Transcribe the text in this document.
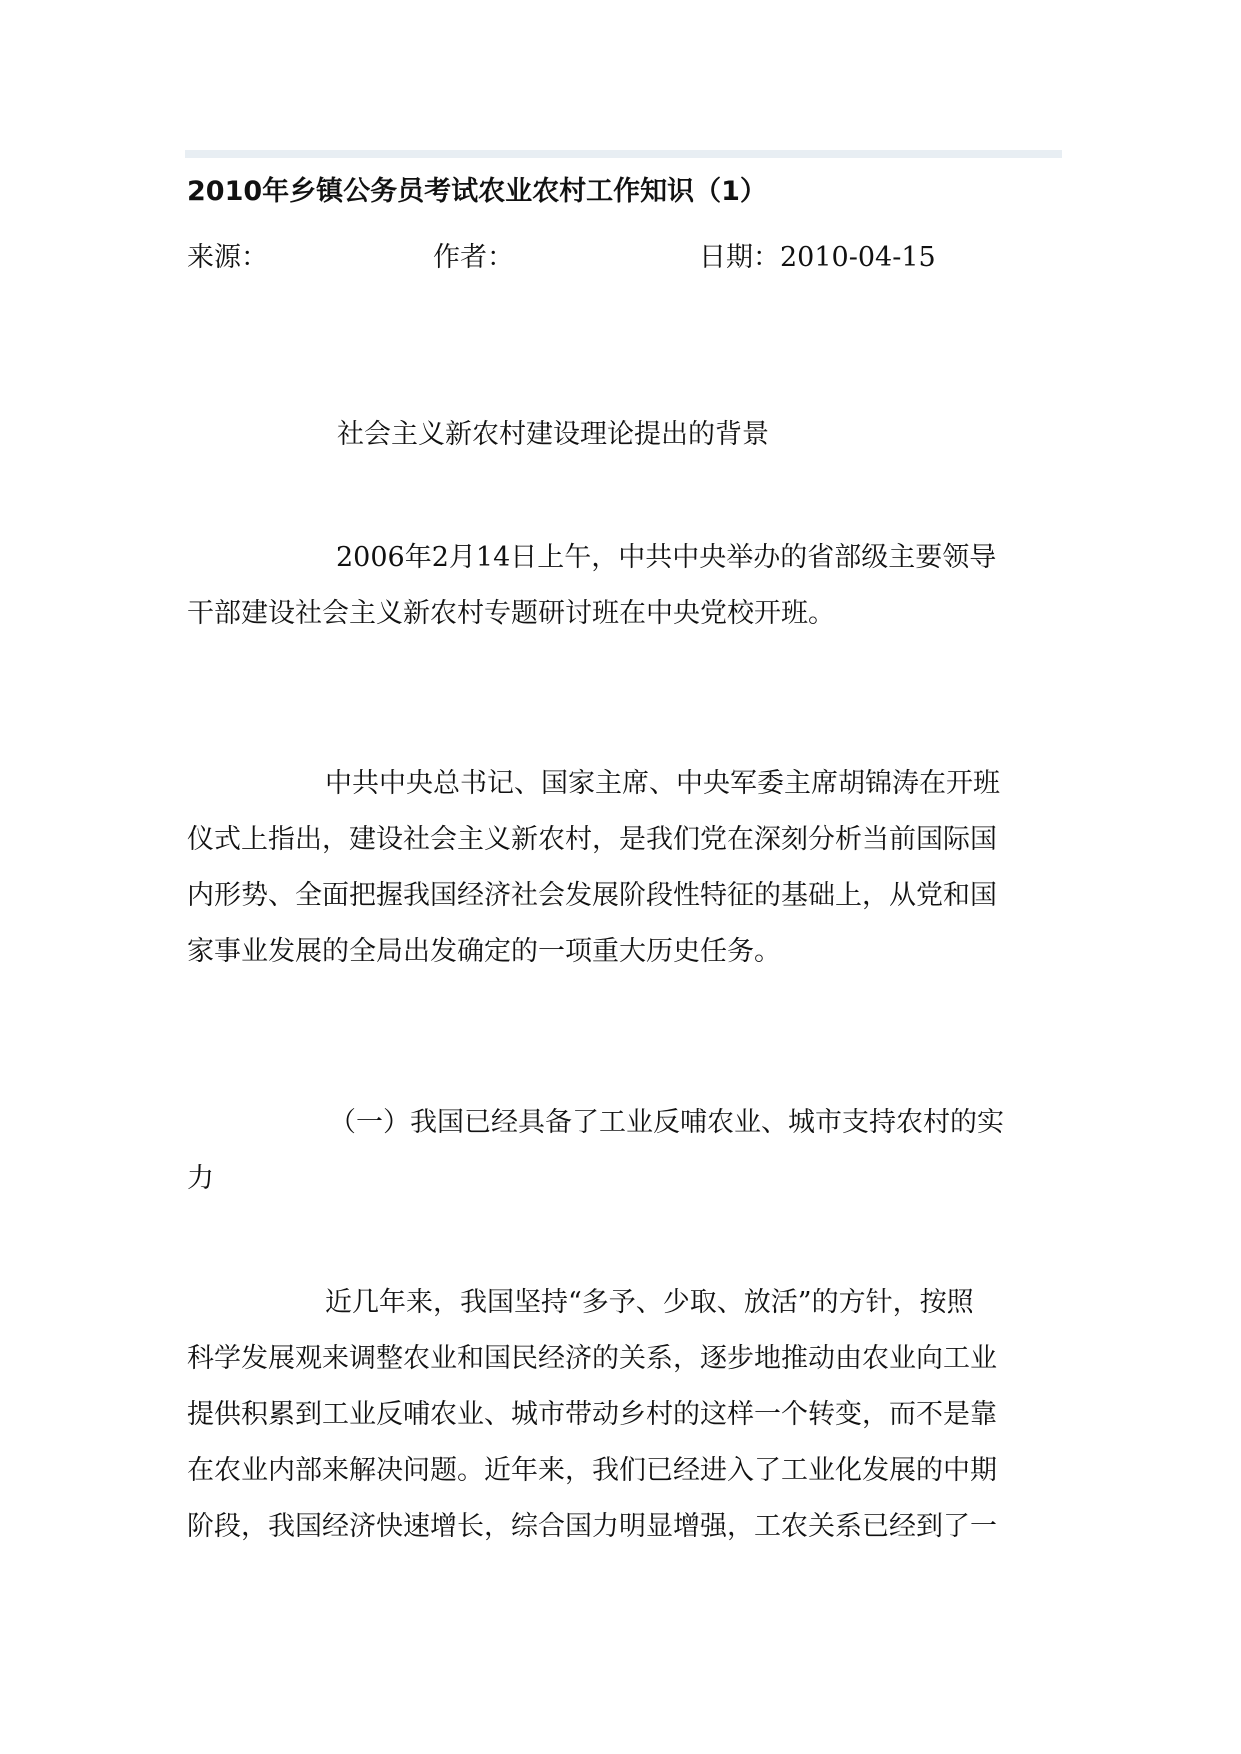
2010年乡镇公务员考试农业农村工作知识（1）
来源：	作者：	日期：2010-04-15
社会主义新农村建设理论提出的背景
2006年2月14日上午，中共中央举办的省部级主要领导
干部建设社会主义新农村专题研讨班在中央党校开班。
中共中央总书记、国家主席、中央军委主席胡锦涛在开班
仪式上指出，建设社会主义新农村，是我们党在深刻分析当前国际国
内形势、全面把握我国经济社会发展阶段性特征的基础上，从党和国
家事业发展的全局出发确定的一项重大历史任务。
（一）我国已经具备了工业反哺农业、城市支持农村的实
力
近几年来，我国坚持“多予、少取、放活”的方针，按照
科学发展观来调整农业和国民经济的关系，逐步地推动由农业向工业
提供积累到工业反哺农业、城市带动乡村的这样一个转变，而不是靠
在农业内部来解决问题。近年来，我们已经进入了工业化发展的中期
阶段，我国经济快速增长，综合国力明显增强，工农关系已经到了一
